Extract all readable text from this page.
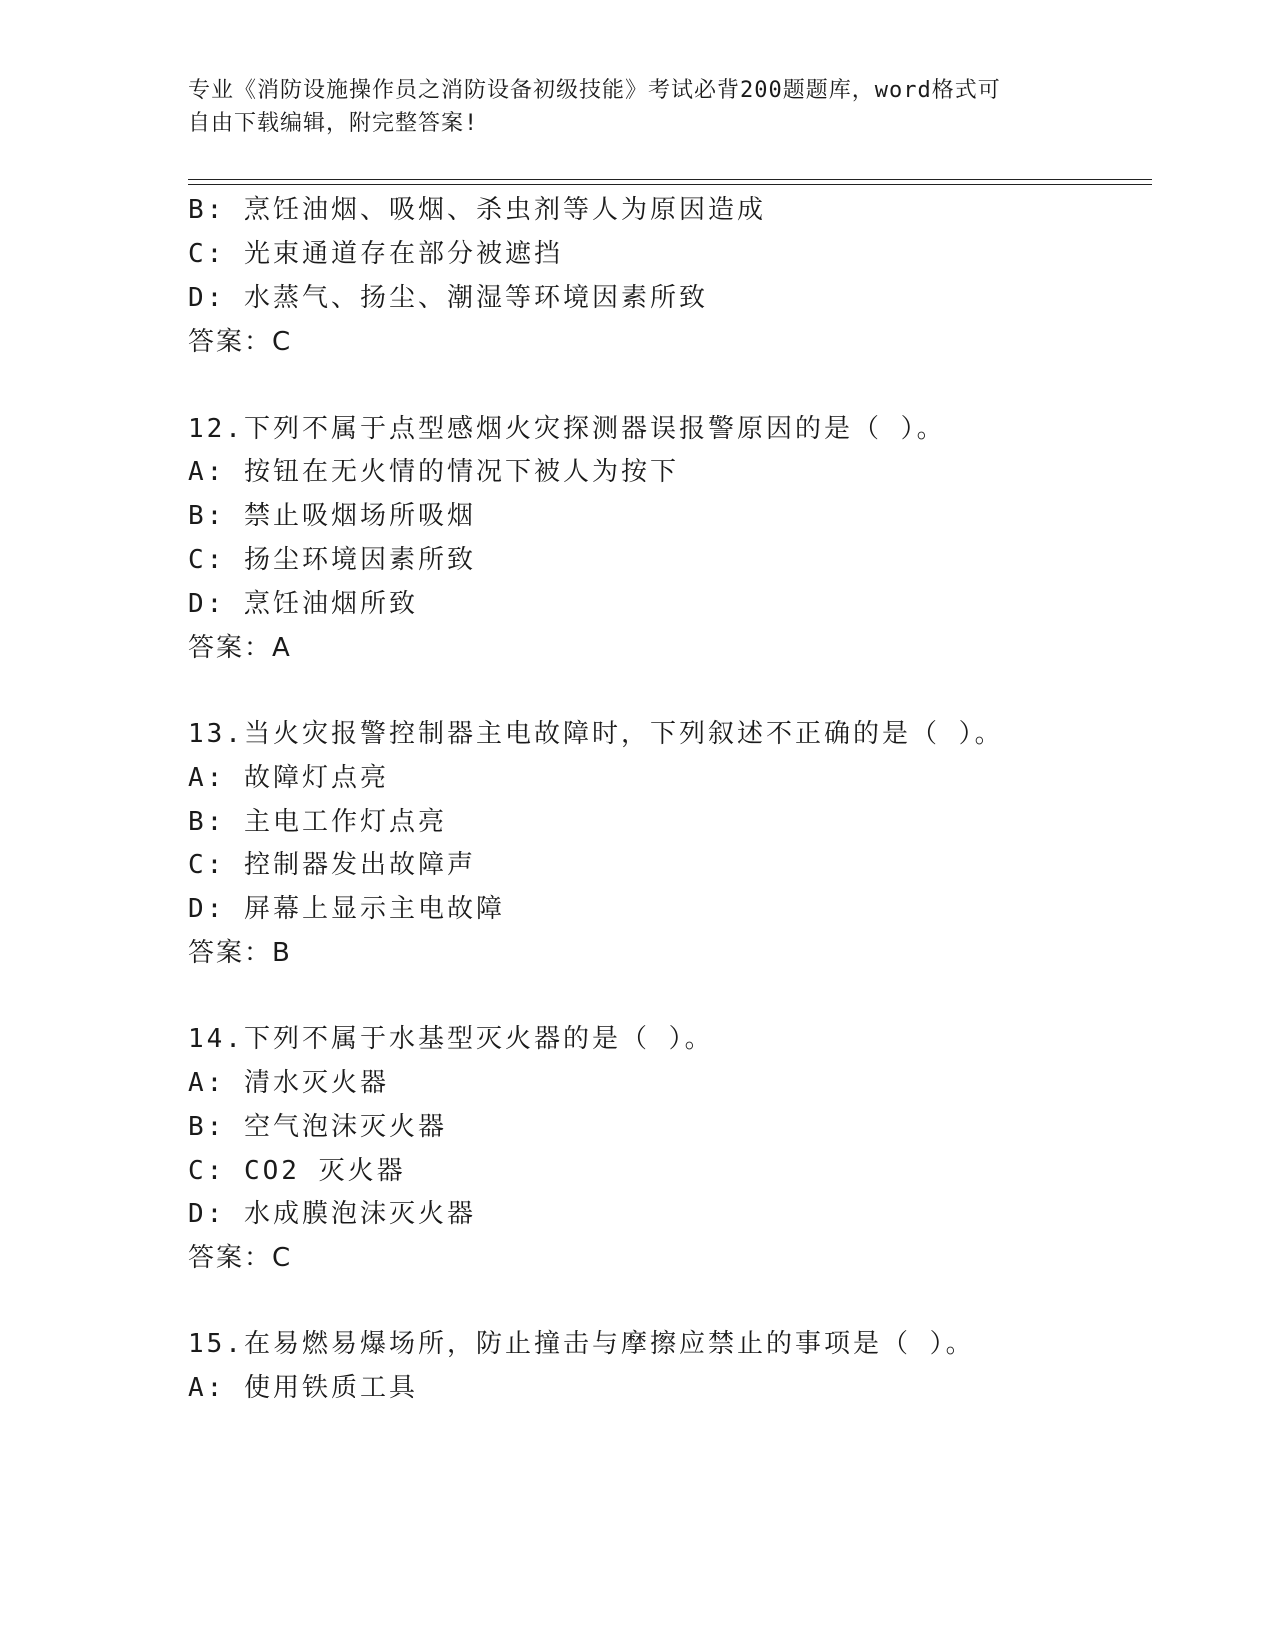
专业《消防设施操作员之消防设备初级技能》考试必背200题题库，word格式可
自由下载编辑，附完整答案!
B: 烹饪油烟、吸烟、杀虫剂等人为原因造成
C: 光束通道存在部分被遮挡
D: 水蒸气、扬尘、潮湿等环境因素所致
答案：C
12.下列不属于点型感烟火灾探测器误报警原因的是（ ）。
A: 按钮在无火情的情况下被人为按下
B: 禁止吸烟场所吸烟
C: 扬尘环境因素所致
D: 烹饪油烟所致
答案：A
13.当火灾报警控制器主电故障时，下列叙述不正确的是（ ）。
A: 故障灯点亮
B: 主电工作灯点亮
C: 控制器发出故障声
D: 屏幕上显示主电故障
答案：B
14.下列不属于水基型灭火器的是（ ）。
A: 清水灭火器
B: 空气泡沫灭火器
C: CO2 灭火器
D: 水成膜泡沫灭火器
答案：C
15.在易燃易爆场所，防止撞击与摩擦应禁止的事项是（ ）。
A: 使用铁质工具
